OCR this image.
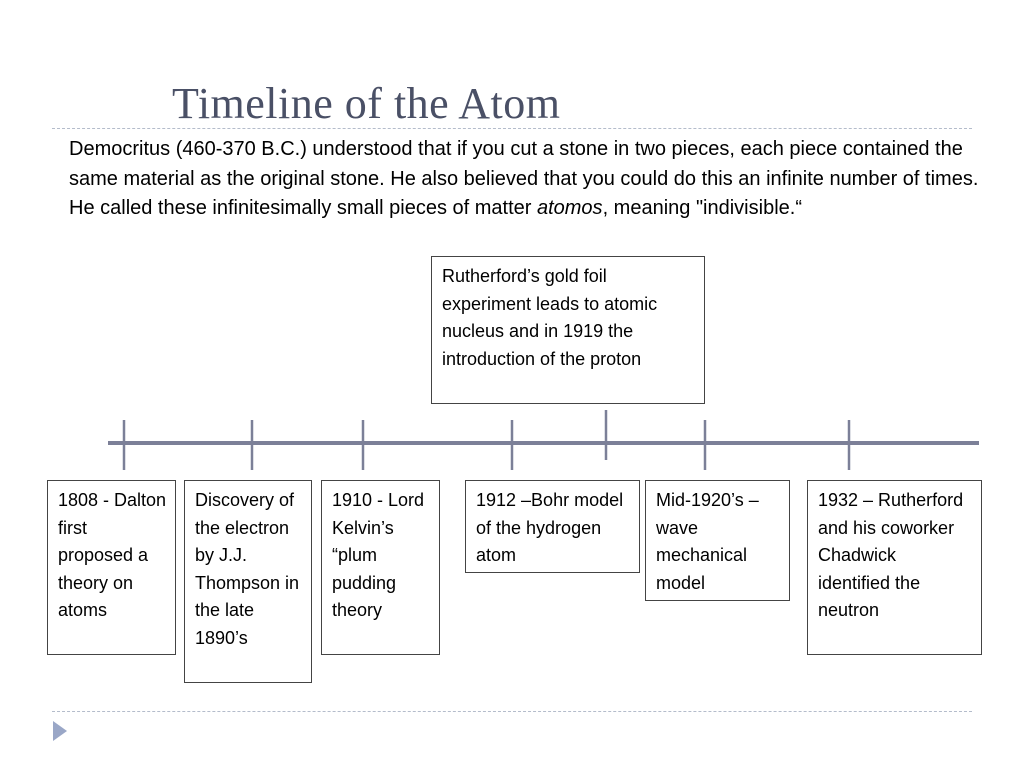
Timeline of the Atom
Democritus (460-370 B.C.) understood that if you cut a stone in two pieces, each piece contained the same material as the original stone. He also believed that you could do this an infinite number of times. He called these infinitesimally small pieces of matter atomos, meaning "indivisible.“
Rutherford’s gold foil experiment leads to atomic nucleus and in 1919 the introduction of the proton
1808 - Dalton first proposed a theory on atoms
Discovery of the electron by J.J. Thompson in the late 1890’s
1910 - Lord Kelvin’s “plum pudding theory
1912 –Bohr model of the hydrogen atom
Mid-1920’s – wave mechanical model
1932 – Rutherford and his coworker Chadwick identified the neutron
